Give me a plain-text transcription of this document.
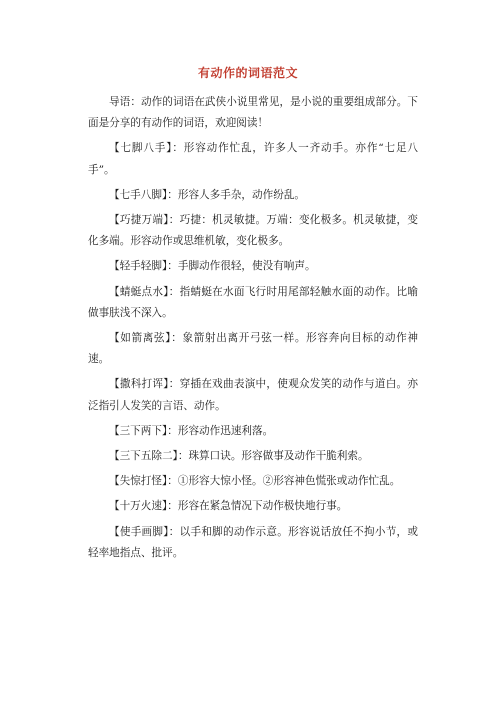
有动作的词语范文

导语：动作的词语在武侠小说里常见，是小说的重要组成部分。下面是分享的有动作的词语，欢迎阅读！

【七脚八手】：形容动作忙乱，许多人一齐动手。亦作“七足八手”。

【七手八脚】：形容人多手杂，动作纷乱。

【巧捷万端】：巧捷：机灵敏捷。万端：变化极多。机灵敏捷，变化多端。形容动作或思维机敏，变化极多。

【轻手轻脚】：手脚动作很轻，使没有响声。

【蜻蜓点水】：指蜻蜓在水面飞行时用尾部轻触水面的动作。比喻做事肤浅不深入。

【如箭离弦】：象箭射出离开弓弦一样。形容奔向目标的动作神速。

【撒科打诨】：穿插在戏曲表演中，使观众发笑的动作与道白。亦泛指引人发笑的言语、动作。

【三下两下】：形容动作迅速利落。

【三下五除二】：珠算口诀。形容做事及动作干脆利索。

【失惊打怪】：①形容大惊小怪。②形容神色慌张或动作忙乱。

【十万火速】：形容在紧急情况下动作极快地行事。

【使手画脚】：以手和脚的动作示意。形容说话放任不拘小节，或轻率地指点、批评。
